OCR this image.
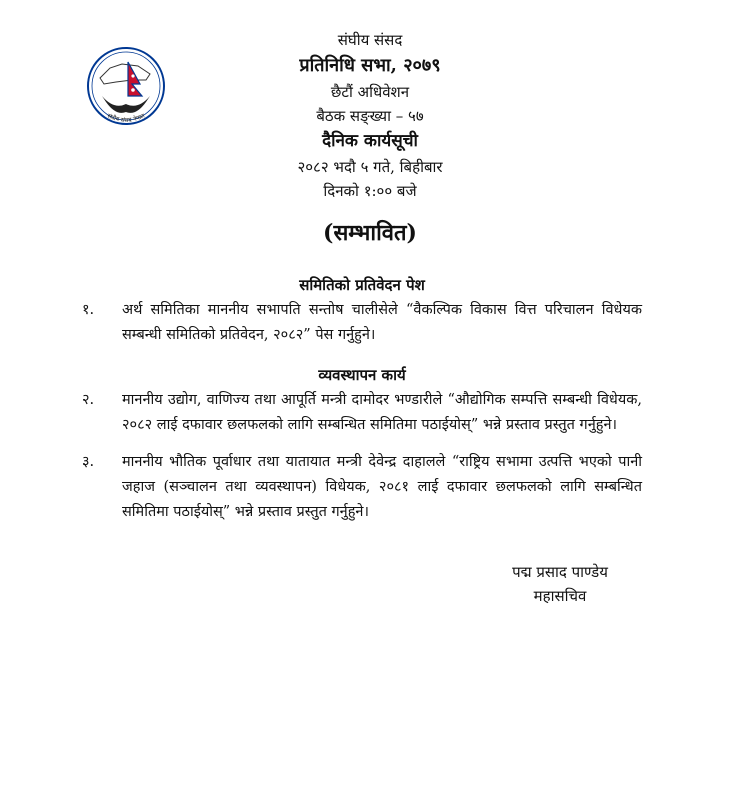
संघीय संसद नेपाल
संघीय संसद
प्रतिनिधि सभा, २०७९
छैटौं अधिवेशन
बैठक सङ्ख्या – ५७
दैनिक कार्यसूची
२०८२ भदौ ५ गते, बिहीबार
दिनको १:०० बजे
(सम्भावित)
समितिको प्रतिवेदन पेश
१.	अर्थ समितिका माननीय सभापति सन्तोष चालीसेले “वैकल्पिक विकास वित्त परिचालन विधेयक सम्बन्धी समितिको प्रतिवेदन, २०८२” पेस गर्नुहुने।
व्यवस्थापन कार्य
२.	माननीय उद्योग, वाणिज्य तथा आपूर्ति मन्त्री दामोदर भण्डारीले “औद्योगिक सम्पत्ति सम्बन्धी विधेयक, २०८२ लाई दफावार छलफलको लागि सम्बन्धित समितिमा पठाईयोस्” भन्ने प्रस्ताव प्रस्तुत गर्नुहुने।
३.	माननीय भौतिक पूर्वाधार तथा यातायात मन्त्री देवेन्द्र दाहालले “राष्ट्रिय सभामा उत्पत्ति भएको पानी जहाज (सञ्चालन तथा व्यवस्थापन) विधेयक, २०८१ लाई दफावार छलफलको लागि सम्बन्धित समितिमा पठाईयोस्” भन्ने प्रस्ताव प्रस्तुत गर्नुहुने।
पद्म प्रसाद पाण्डेय
महासचिव
